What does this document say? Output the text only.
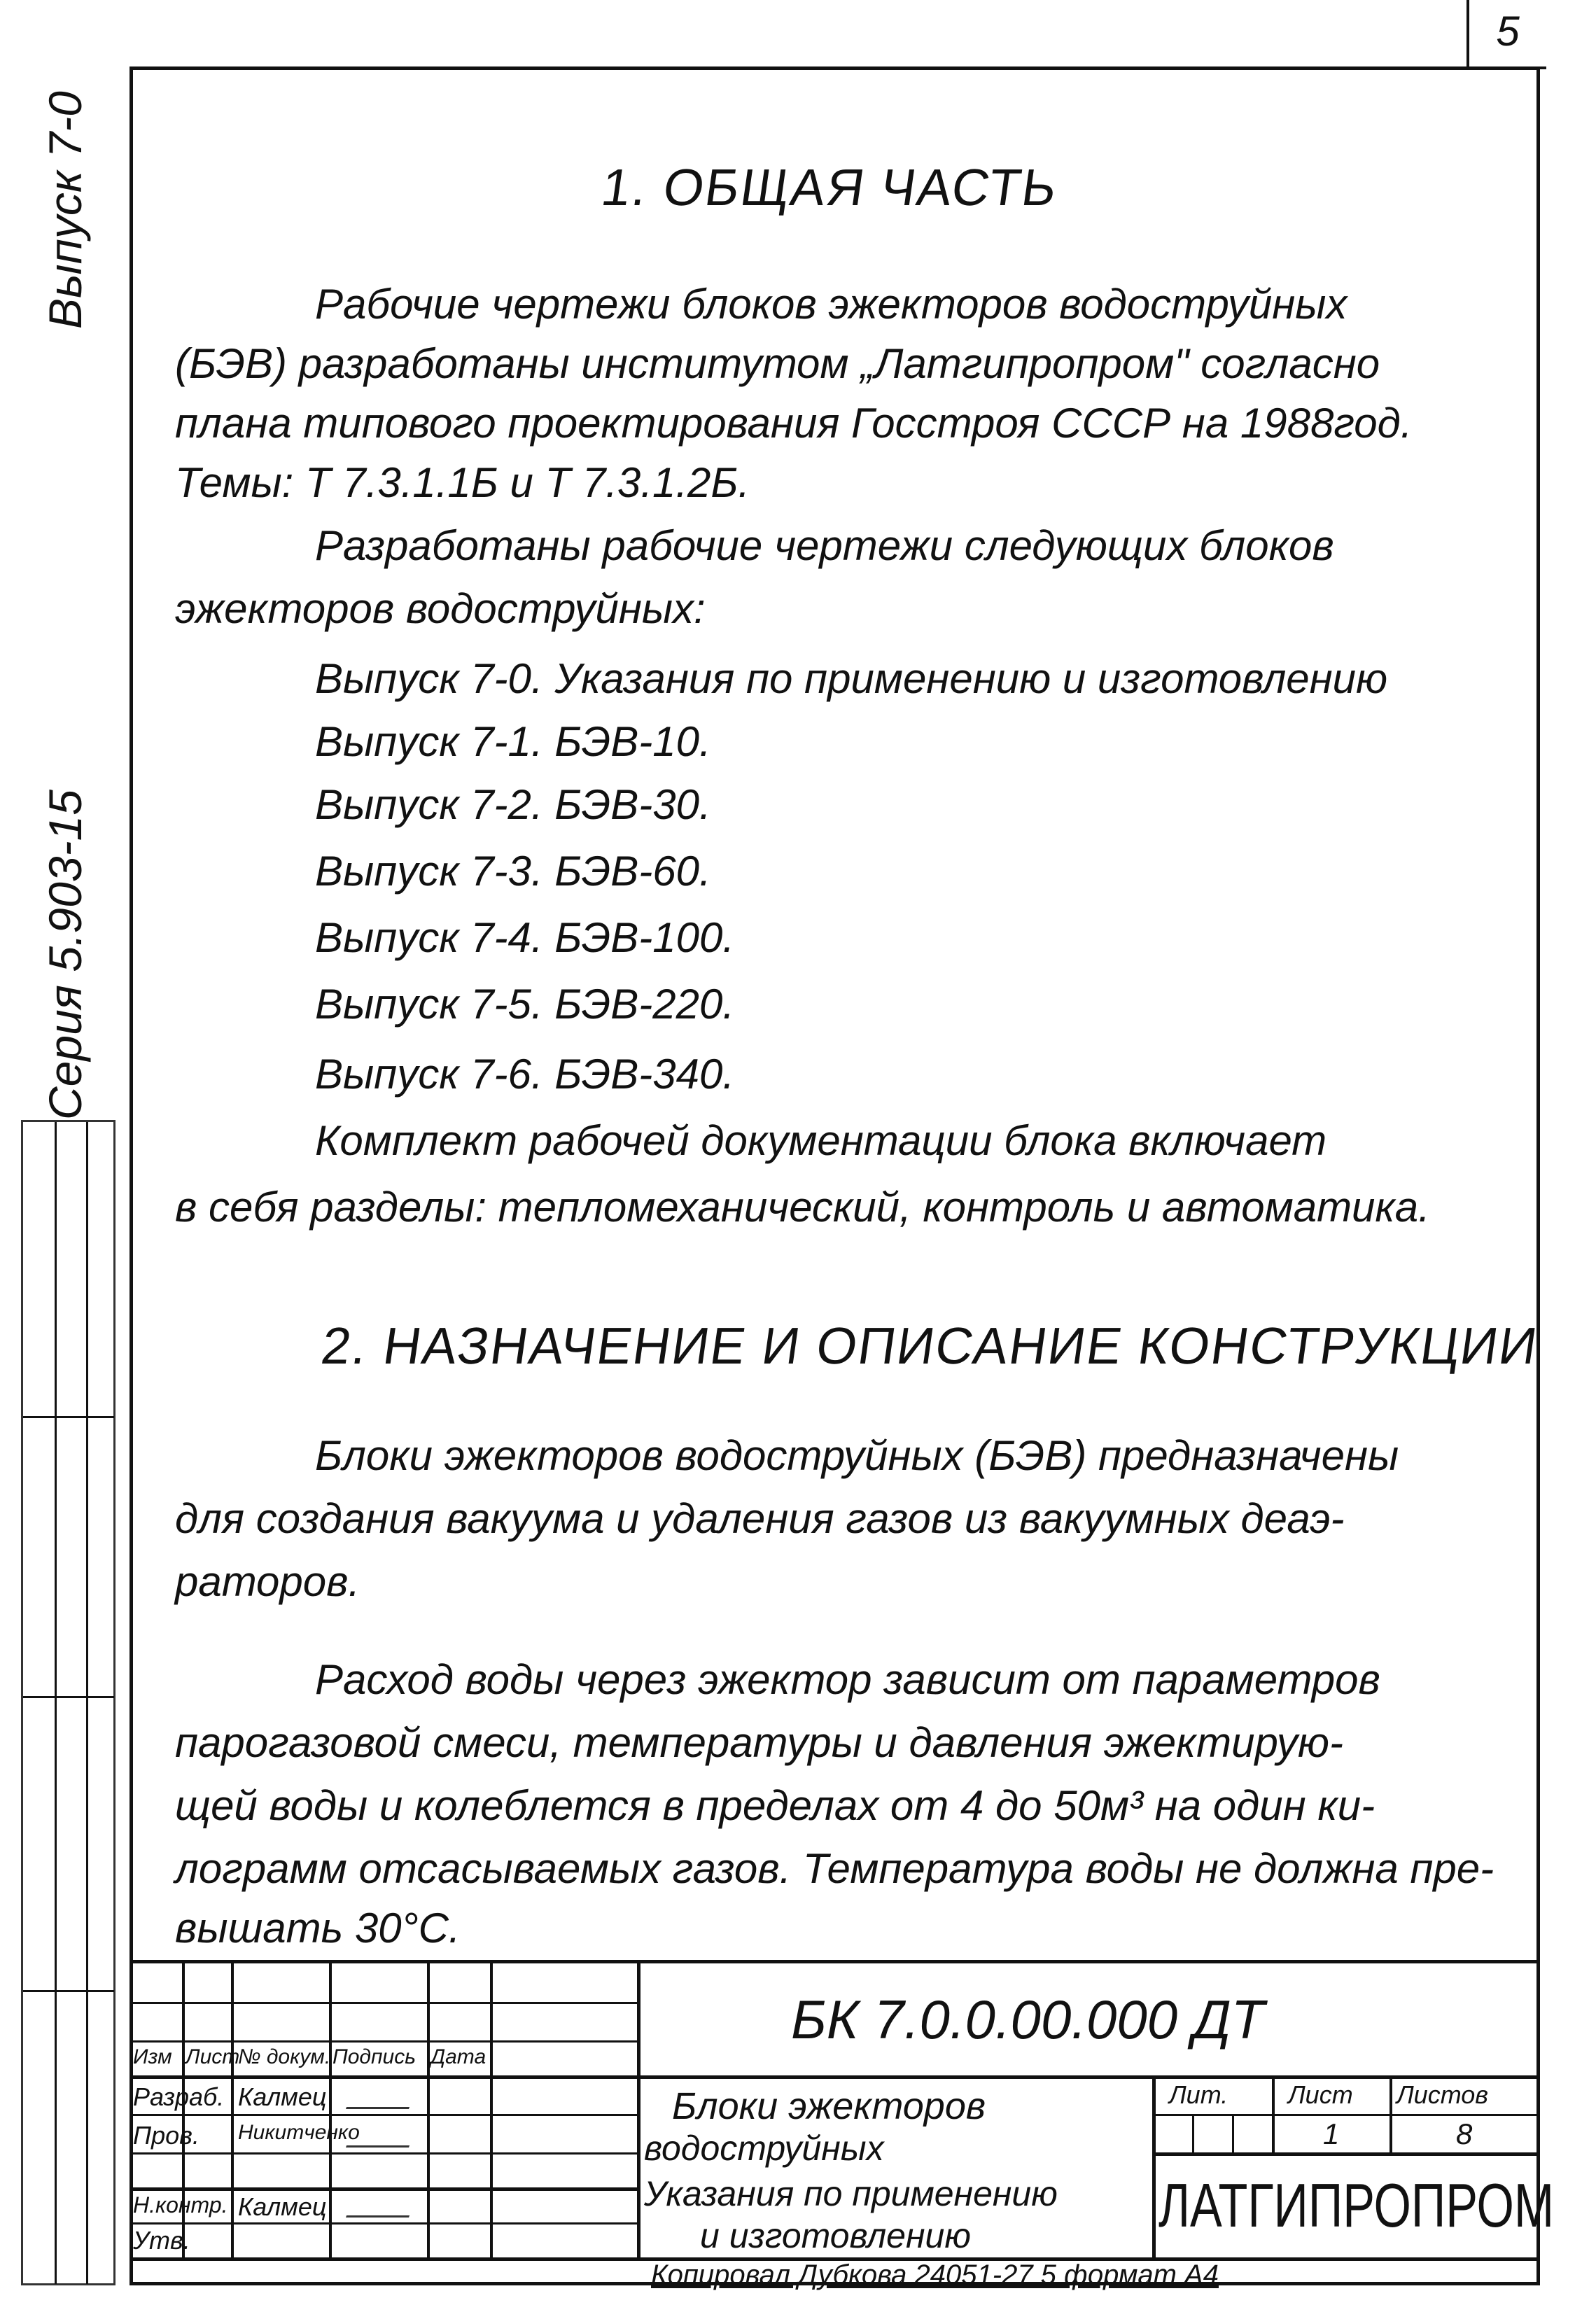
5
Выпуск 7-0
Серия 5.903-15
1. ОБЩАЯ ЧАСТЬ
Рабочие чертежи блоков эжекторов водоструйных
(БЭВ) разработаны институтом „Латгипропром" согласно
плана типового проектирования Госстроя СССР на 1988год.
Темы: Т 7.3.1.1Б и Т 7.3.1.2Б.
Разработаны рабочие чертежи следующих блоков
эжекторов водоструйных:
Выпуск 7-0. Указания по применению и изготовлению
Выпуск 7-1. БЭВ-10.
Выпуск 7-2. БЭВ-30.
Выпуск 7-3. БЭВ-60.
Выпуск 7-4. БЭВ-100.
Выпуск 7-5. БЭВ-220.
Выпуск 7-6. БЭВ-340.
Комплект рабочей документации блока включает
в себя разделы: тепломеханический, контроль и автоматика.
2. НАЗНАЧЕНИЕ И ОПИСАНИЕ КОНСТРУКЦИИ
Блоки эжекторов водоструйных (БЭВ) предназначены
для создания вакуума и удаления газов из вакуумных деаэ-
раторов.
Расход воды через эжектор зависит от параметров
парогазовой смеси, температуры и давления эжектирую-
щей воды и колеблется в пределах от 4 до 50м³ на один ки-
лограмм отсасываемых газов. Температура воды не должна пре-
вышать 30°C.
Изм Лист
№ докум. Подпись Дата
Разраб. Калмец
Пров. Никитченко
Н.контр. Калмец
Утв.
БК 7.0.0.00.000 ДТ
Блоки эжекторов
водоструйных
Указания по применению
и изготовлению
Лит. Лист Листов
1	8
ЛАТГИПРОПРОМ
Копировал Дубкова 24051-27 5 формат А4
